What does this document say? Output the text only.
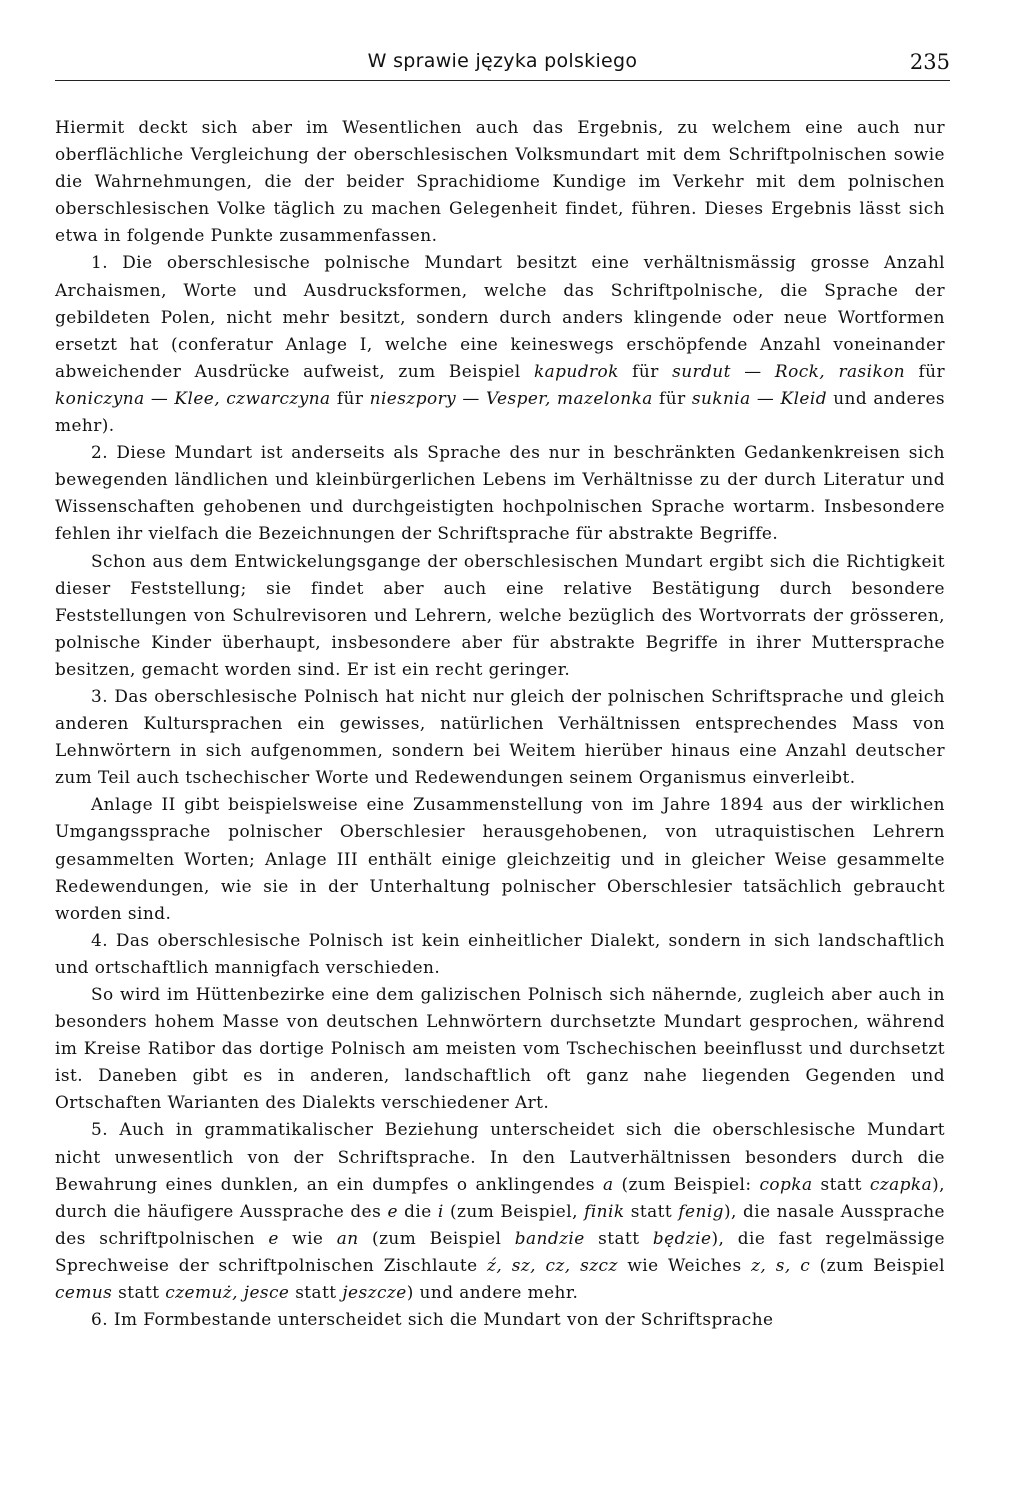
W sprawie języka polskiego	235

Hiermit deckt sich aber im Wesentlichen auch das Ergebnis, zu welchem eine auch nur oberflächliche Vergleichung der oberschlesischen Volksmundart mit dem Schriftpolnischen sowie die Wahrnehmungen, die der beider Sprachidiome Kundige im Verkehr mit dem polnischen oberschlesischen Volke täglich zu machen Gelegenheit findet, führen. Dieses Ergebnis lässt sich etwa in folgende Punkte zusammenfassen.

1. Die oberschlesische polnische Mundart besitzt eine verhältnismässig grosse Anzahl Archaismen, Worte und Ausdrucksformen, welche das Schriftpolnische, die Sprache der gebildeten Polen, nicht mehr besitzt, sondern durch anders klingende oder neue Wortformen ersetzt hat (conferatur Anlage I, welche eine keineswegs erschöpfende Anzahl voneinander abweichender Ausdrücke aufweist, zum Beispiel kapudrok für surdut — Rock, rasikon für koniczyna — Klee, czwarczyna für nieszpory — Vesper, mazelonka für suknia — Kleid und anderes mehr).

2. Diese Mundart ist anderseits als Sprache des nur in beschränkten Gedankenkreisen sich bewegenden ländlichen und kleinbürgerlichen Lebens im Verhältnisse zu der durch Literatur und Wissenschaften gehobenen und durchgeistigten hochpolnischen Sprache wortarm. Insbesondere fehlen ihr vielfach die Bezeichnungen der Schriftsprache für abstrakte Begriffe.

Schon aus dem Entwickelungsgange der oberschlesischen Mundart ergibt sich die Richtigkeit dieser Feststellung; sie findet aber auch eine relative Bestätigung durch besondere Feststellungen von Schulrevisoren und Lehrern, welche bezüglich des Wortvorrats der grösseren, polnische Kinder überhaupt, insbesondere aber für abstrakte Begriffe in ihrer Muttersprache besitzen, gemacht worden sind. Er ist ein recht geringer.

3. Das oberschlesische Polnisch hat nicht nur gleich der polnischen Schriftsprache und gleich anderen Kultursprachen ein gewisses, natürlichen Verhältnissen entsprechendes Mass von Lehnwörtern in sich aufgenommen, sondern bei Weitem hierüber hinaus eine Anzahl deutscher zum Teil auch tschechischer Worte und Redewendungen seinem Organismus einverleibt.

Anlage II gibt beispielsweise eine Zusammenstellung von im Jahre 1894 aus der wirklichen Umgangssprache polnischer Oberschlesier herausgehobenen, von utraquistischen Lehrern gesammelten Worten; Anlage III enthält einige gleichzeitig und in gleicher Weise gesammelte Redewendungen, wie sie in der Unterhaltung polnischer Oberschlesier tatsächlich gebraucht worden sind.

4. Das oberschlesische Polnisch ist kein einheitlicher Dialekt, sondern in sich landschaftlich und ortschaftlich mannigfach verschieden.

So wird im Hüttenbezirke eine dem galizischen Polnisch sich nähernde, zugleich aber auch in besonders hohem Masse von deutschen Lehnwörtern durchsetzte Mundart gesprochen, während im Kreise Ratibor das dortige Polnisch am meisten vom Tschechischen beeinflusst und durchsetzt ist. Daneben gibt es in anderen, landschaftlich oft ganz nahe liegenden Gegenden und Ortschaften Warianten des Dialekts verschiedener Art.

5. Auch in grammatikalischer Beziehung unterscheidet sich die oberschlesische Mundart nicht unwesentlich von der Schriftsprache. In den Lautverhältnissen besonders durch die Bewahrung eines dunklen, an ein dumpfes o anklingendes a (zum Beispiel: copka statt czapka), durch die häufigere Aussprache des e die i (zum Beispiel, finik statt fenig), die nasale Aussprache des schriftpolnischen e wie an (zum Beispiel bandzie statt będzie), die fast regelmässige Sprechweise der schriftpolnischen Zischlaute ź, sz, cz, szcz wie Weiches z, s, c (zum Beispiel cemus statt czemuż, jesce statt jeszcze) und andere mehr.

6. Im Formbestande unterscheidet sich die Mundart von der Schriftsprache
